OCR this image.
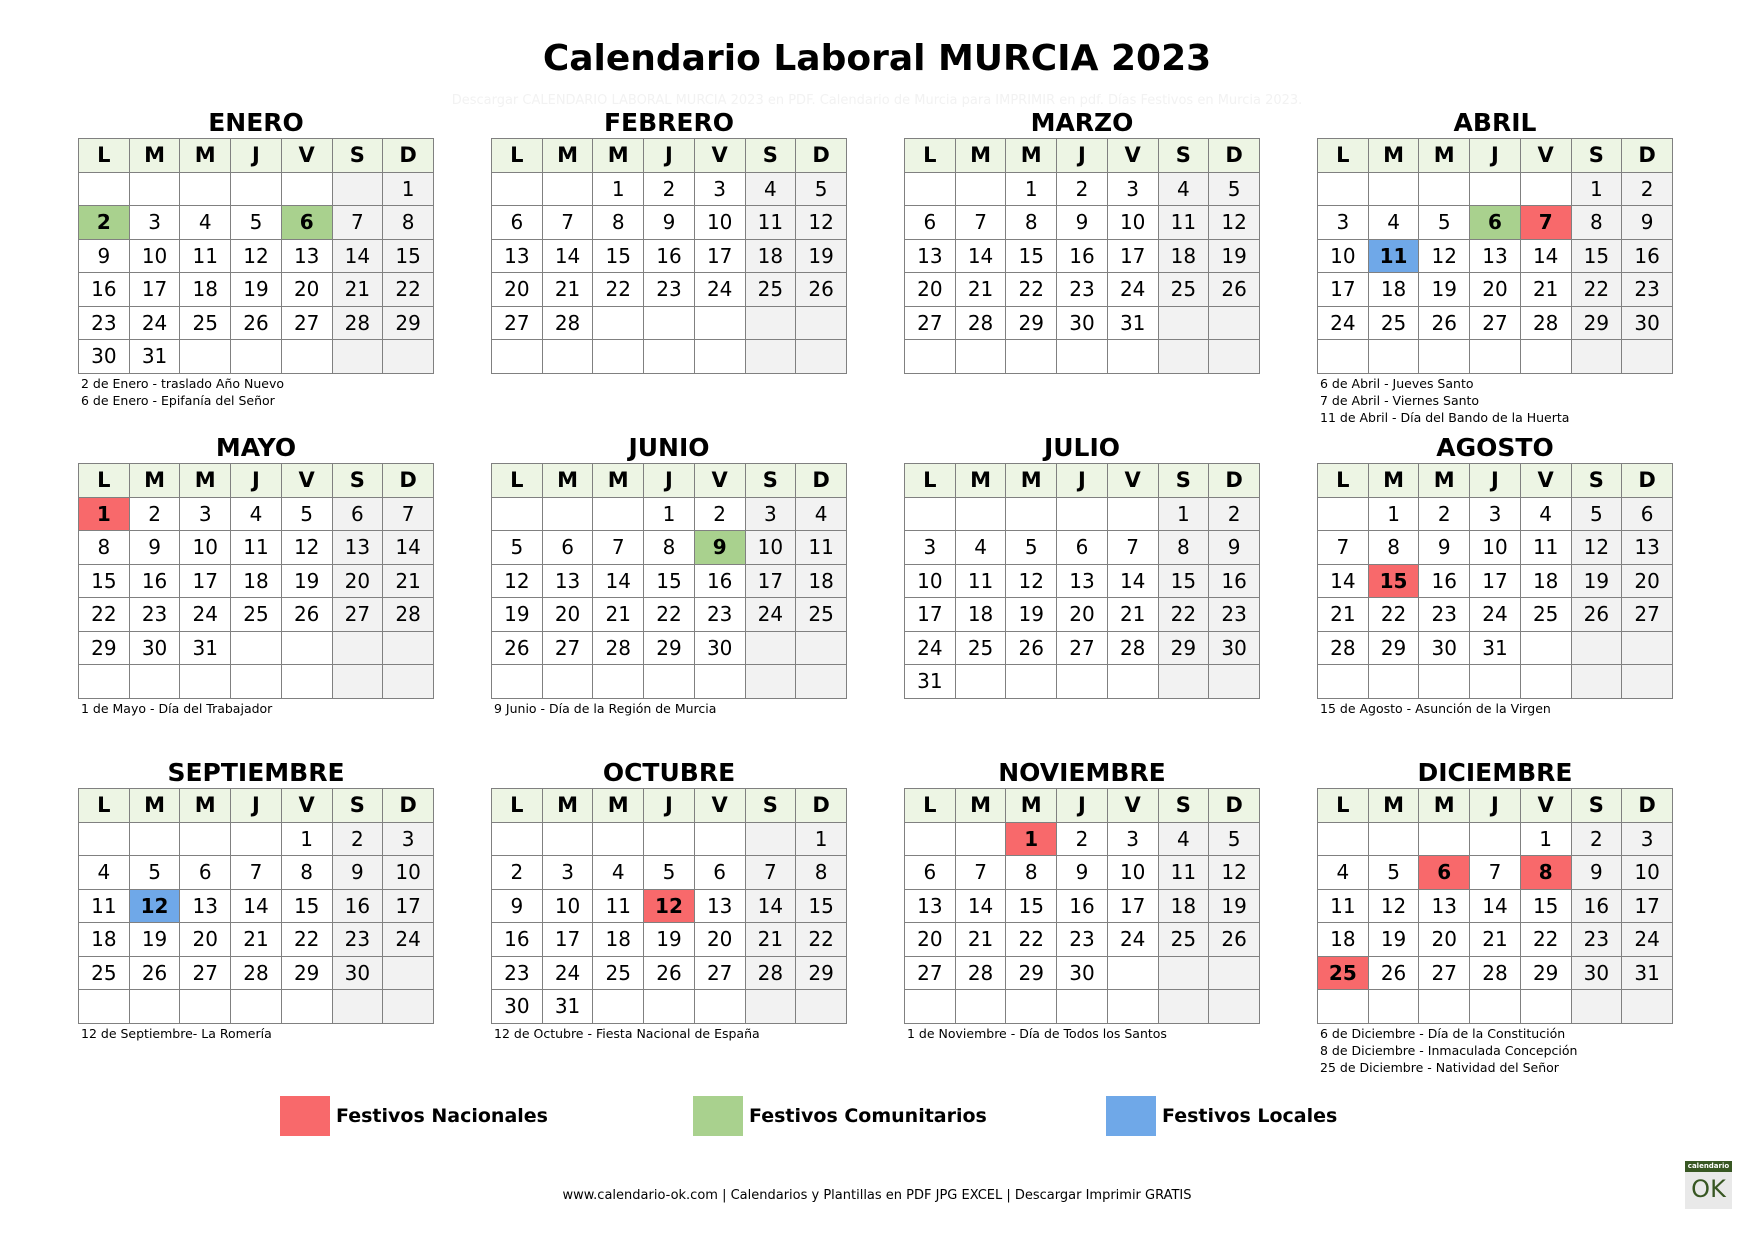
Calendario Laboral MURCIA 2023
Descargar CALENDARIO LABORAL MURCIA 2023 en PDF. Calendario de Murcia para IMPRIMIR en pdf. Días Festivos en Murcia 2023.
ENERO
L	M	M	J	V	S	D
						1
2	3	4	5	6	7	8
9	10	11	12	13	14	15
16	17	18	19	20	21	22
23	24	25	26	27	28	29
30	31					
2 de Enero - traslado Año Nuevo
6 de Enero - Epifanía del Señor
FEBRERO
L	M	M	J	V	S	D
		1	2	3	4	5
6	7	8	9	10	11	12
13	14	15	16	17	18	19
20	21	22	23	24	25	26
27	28					

MARZO
L	M	M	J	V	S	D
		1	2	3	4	5
6	7	8	9	10	11	12
13	14	15	16	17	18	19
20	21	22	23	24	25	26
27	28	29	30	31		

ABRIL
L	M	M	J	V	S	D
					1	2
3	4	5	6	7	8	9
10	11	12	13	14	15	16
17	18	19	20	21	22	23
24	25	26	27	28	29	30

6 de Abril - Jueves Santo
7 de Abril - Viernes Santo
11 de Abril - Día del Bando de la Huerta
MAYO
L	M	M	J	V	S	D
1	2	3	4	5	6	7
8	9	10	11	12	13	14
15	16	17	18	19	20	21
22	23	24	25	26	27	28
29	30	31				

1 de Mayo - Día del Trabajador
JUNIO
L	M	M	J	V	S	D
			1	2	3	4
5	6	7	8	9	10	11
12	13	14	15	16	17	18
19	20	21	22	23	24	25
26	27	28	29	30		

9 Junio - Día de la Región de Murcia
JULIO
L	M	M	J	V	S	D
					1	2
3	4	5	6	7	8	9
10	11	12	13	14	15	16
17	18	19	20	21	22	23
24	25	26	27	28	29	30
31						
AGOSTO
L	M	M	J	V	S	D
	1	2	3	4	5	6
7	8	9	10	11	12	13
14	15	16	17	18	19	20
21	22	23	24	25	26	27
28	29	30	31			

15 de Agosto - Asunción de la Virgen
SEPTIEMBRE
L	M	M	J	V	S	D
				1	2	3
4	5	6	7	8	9	10
11	12	13	14	15	16	17
18	19	20	21	22	23	24
25	26	27	28	29	30	

12 de Septiembre- La Romería
OCTUBRE
L	M	M	J	V	S	D
						1
2	3	4	5	6	7	8
9	10	11	12	13	14	15
16	17	18	19	20	21	22
23	24	25	26	27	28	29
30	31					
12 de Octubre - Fiesta Nacional de España
NOVIEMBRE
L	M	M	J	V	S	D
		1	2	3	4	5
6	7	8	9	10	11	12
13	14	15	16	17	18	19
20	21	22	23	24	25	26
27	28	29	30			

1 de Noviembre - Día de Todos los Santos
DICIEMBRE
L	M	M	J	V	S	D
				1	2	3
4	5	6	7	8	9	10
11	12	13	14	15	16	17
18	19	20	21	22	23	24
25	26	27	28	29	30	31

6 de Diciembre - Día de la Constitución
8 de Diciembre - Inmaculada Concepción
25 de Diciembre - Natividad del Señor
Festivos Nacionales	Festivos Comunitarios	Festivos Locales
www.calendario-ok.com | Calendarios y Plantillas en PDF JPG EXCEL | Descargar Imprimir GRATIS
calendario
OK
